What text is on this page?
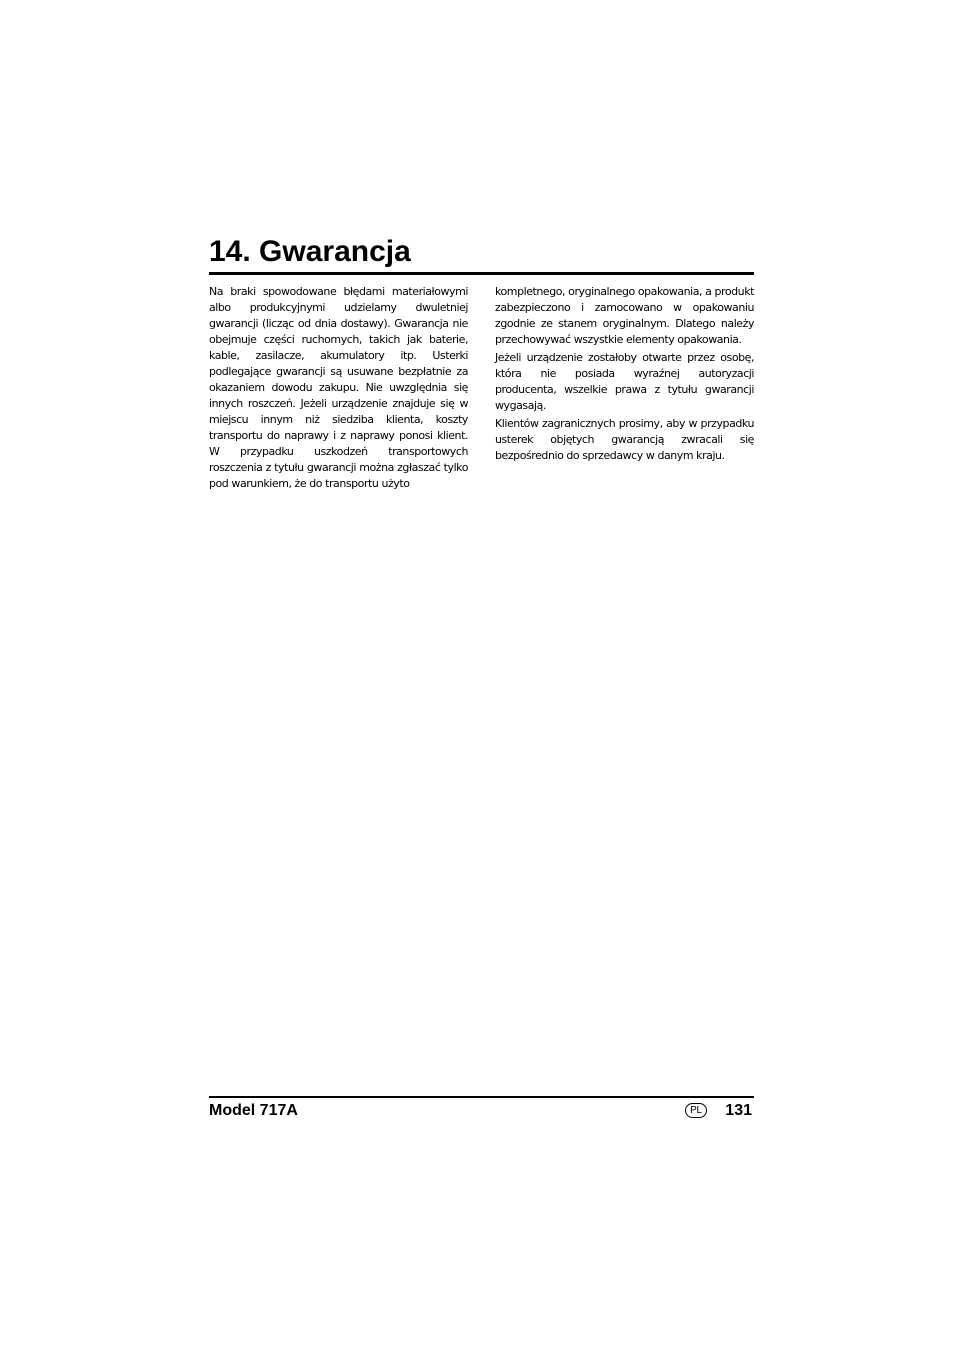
14. Gwarancja

Na braki spowodowane błędami materiałowymi albo produkcyjnymi udzielamy dwuletniej gwarancji (licząc od dnia dostawy). Gwarancja nie obejmuje części ruchomych, takich jak baterie, kable, zasilacze, akumulatory itp. Usterki podlegające gwarancji są usuwane bezpłatnie za okazaniem dowodu zakupu. Nie uwzględnia się innych roszczeń. Jeżeli urządzenie znajduje się w miejscu innym niż siedziba klienta, koszty transportu do naprawy i z naprawy ponosi klient. W przypadku uszkodzeń transportowych roszczenia z tytułu gwarancji można zgłaszać tylko pod warunkiem, że do transportu użyto

kompletnego, oryginalnego opakowania, a produkt zabezpieczono i zamocowano w opakowaniu zgodnie ze stanem oryginalnym. Dlatego należy przechowywać wszystkie elementy opakowania.

Jeżeli urządzenie zostałoby otwarte przez osobę, która nie posiada wyraźnej autoryzacji producenta, wszelkie prawa z tytułu gwarancji wygasają.

Klientów zagranicznych prosimy, aby w przypadku usterek objętych gwarancją zwracali się bezpośrednio do sprzedawcy w danym kraju.

Model 717A	PL	131
